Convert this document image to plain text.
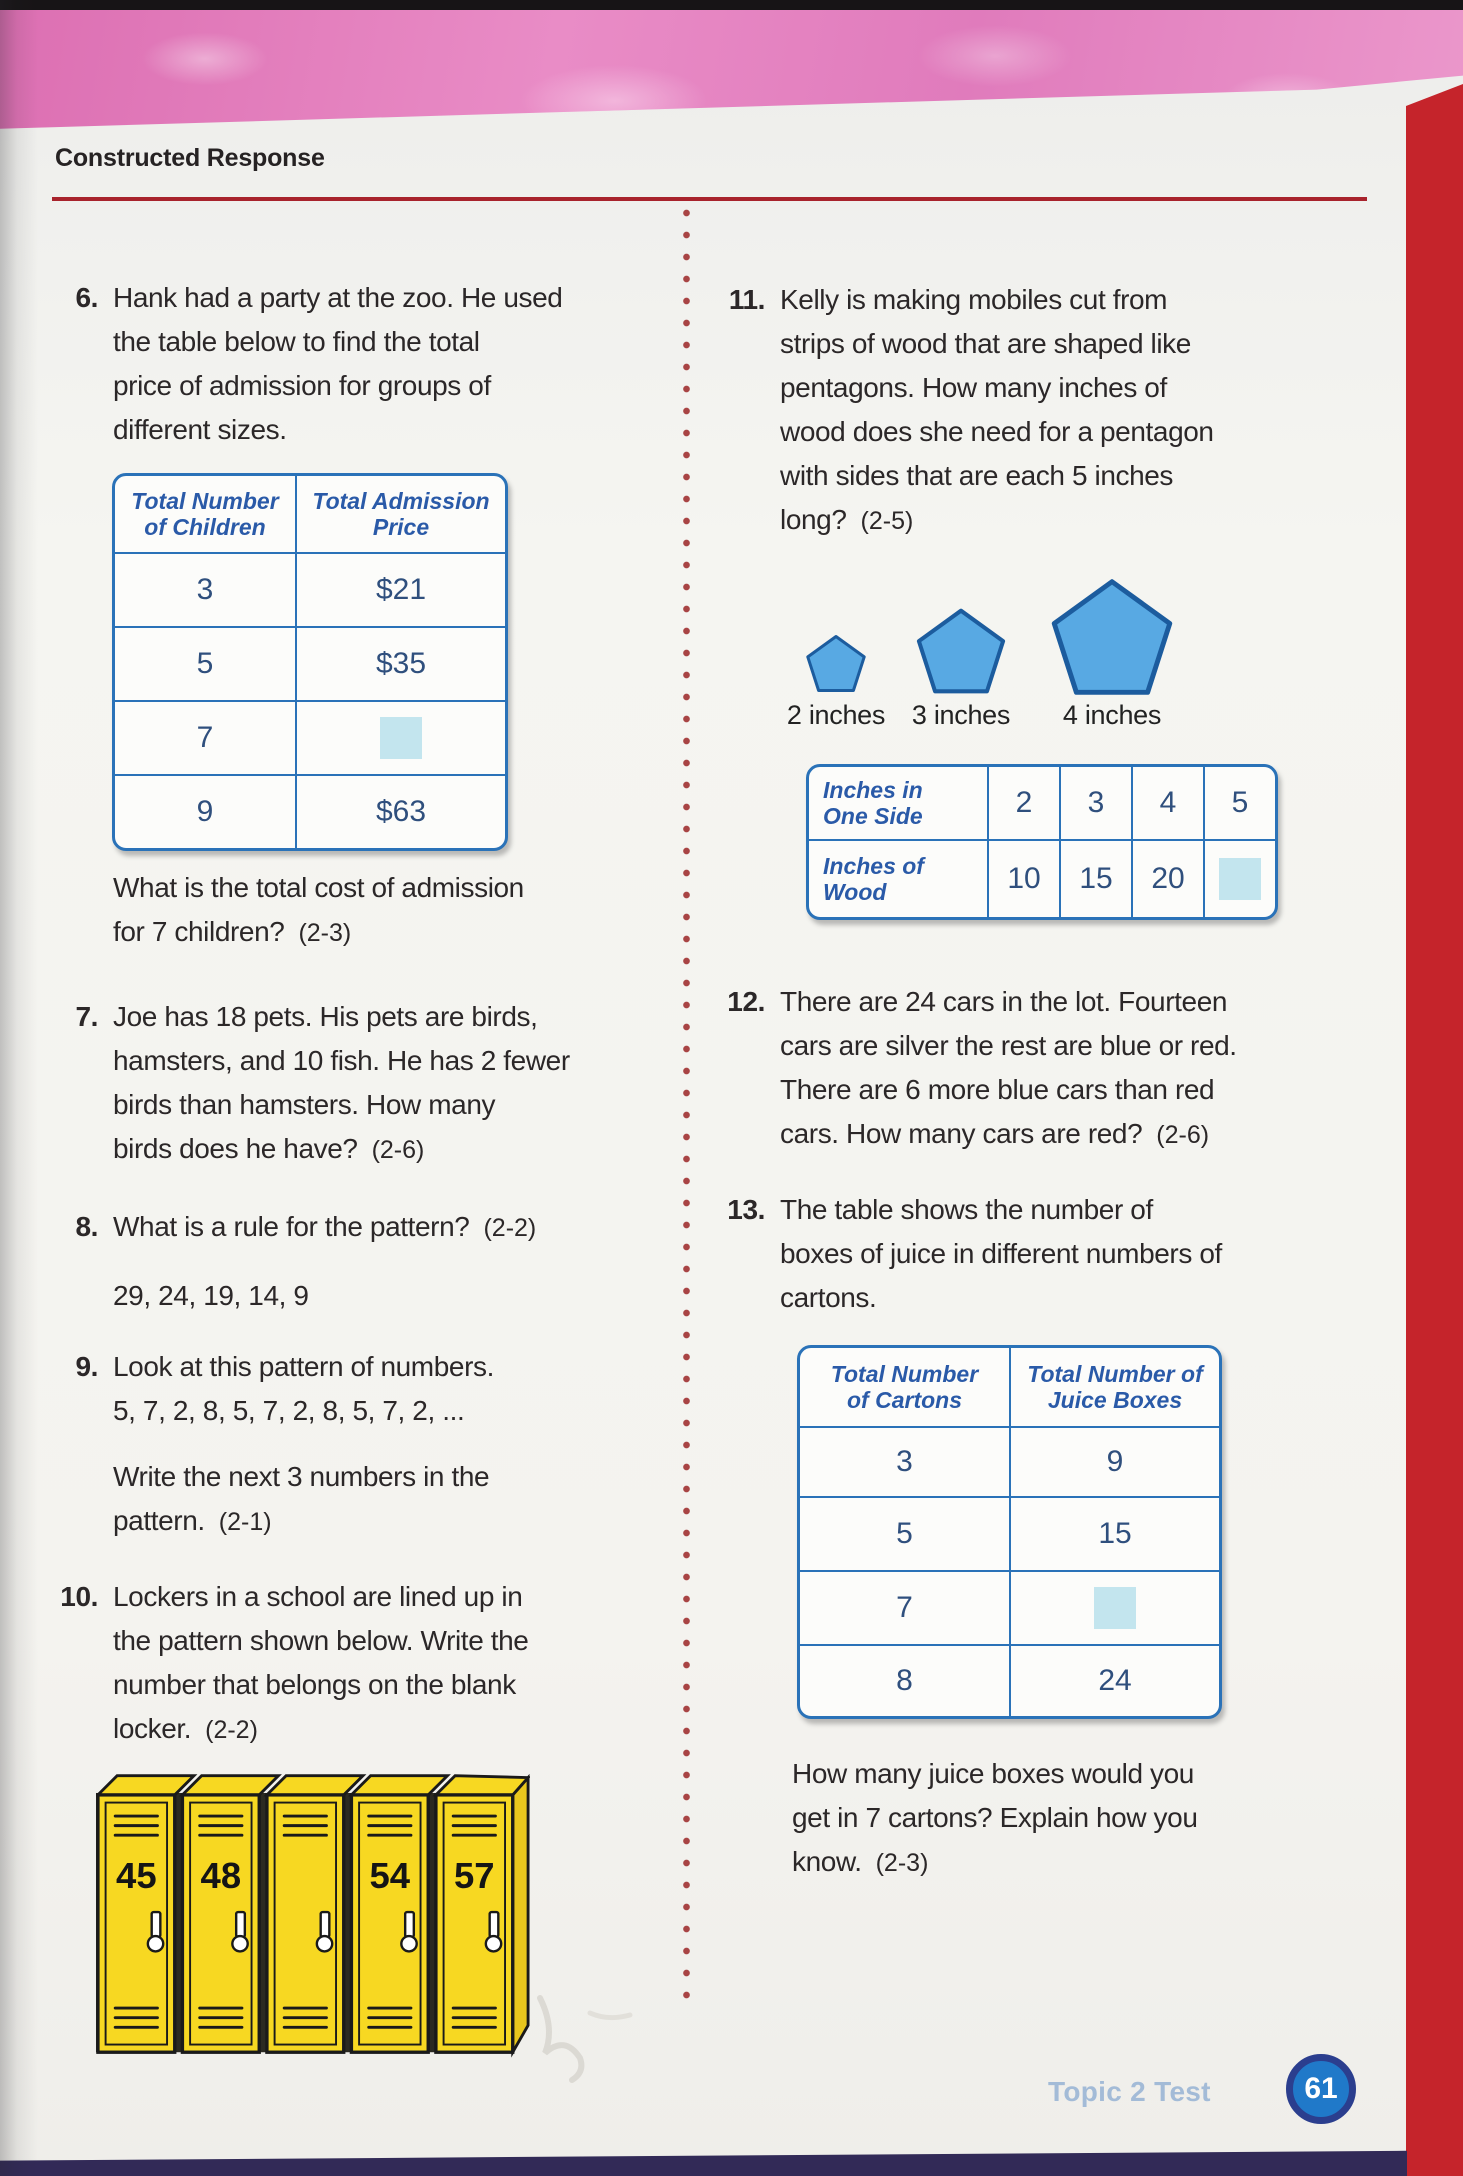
Constructed Response
6. Hank had a party at the zoo. He used
the table below to find the total
price of admission for groups of
different sizes.
Total Number
of Children
Total Admission
Price
3	$21
5	$35
7
9	$63
What is the total cost of admission
for 7 children? (2-3)
7. Joe has 18 pets. His pets are birds,
hamsters, and 10 fish. He has 2 fewer
birds than hamsters. How many
birds does he have? (2-6)
8. What is a rule for the pattern? (2-2)
29, 24, 19, 14, 9
9. Look at this pattern of numbers.
5, 7, 2, 8, 5, 7, 2, 8, 5, 7, 2, ...
Write the next 3 numbers in the
pattern. (2-1)
10. Lockers in a school are lined up in
the pattern shown below. Write the
number that belongs on the blank
locker. (2-2)
45 48	54 57
11. Kelly is making mobiles cut from
strips of wood that are shaped like
pentagons. How many inches of
wood does she need for a pentagon
with sides that are each 5 inches
long? (2-5)
2 inches 3 inches	4 inches
Inches in
One Side	2	3	4	5
Inches of
Wood	10	15	20
12. There are 24 cars in the lot. Fourteen
cars are silver the rest are blue or red.
There are 6 more blue cars than red
cars. How many cars are red? (2-6)
13. The table shows the number of
boxes of juice in different numbers of
cartons.
Total Number
of Cartons
Total Number of
Juice Boxes
3	9
5	15
7
8	24
How many juice boxes would you
get in 7 cartons? Explain how you
know. (2-3)
Topic 2 Test	61
